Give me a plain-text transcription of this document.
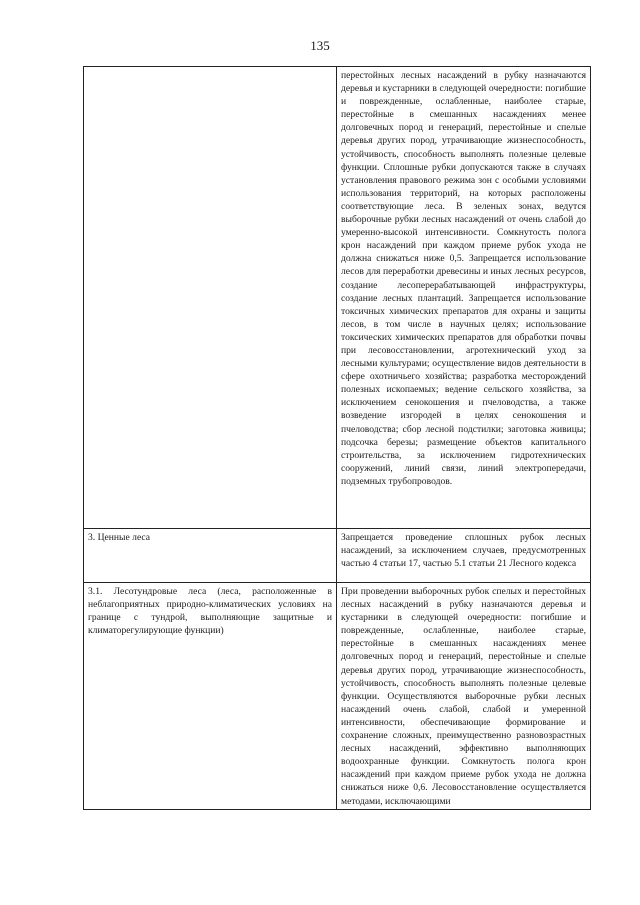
135
	перестойных лесных насаждений в рубку назначаются деревья и кустарники в следующей очередности: погибшие и поврежденные, ослабленные, наиболее старые, перестойные в смешанных насаждениях менее долговечных пород и генераций, перестойные и спелые деревья других пород, утрачивающие жизнеспособность, устойчивость, способность выполнять полезные целевые функции. Сплошные рубки допускаются также в случаях установления правового режима зон с особыми условиями использования территорий, на которых расположены соответствующие леса. В зеленых зонах, ведутся выборочные рубки лесных насаждений от очень слабой до умеренно-высокой интенсивности. Сомкнутость полога крон насаждений при каждом приеме рубок ухода не должна снижаться ниже 0,5. Запрещается использование лесов для переработки древесины и иных лесных ресурсов, создание лесоперерабатывающей инфраструктуры, создание лесных плантаций. Запрещается использование токсичных химических препаратов для охраны и защиты лесов, в том числе в научных целях; использование токсических химических препаратов для обработки почвы при лесовосстановлении, агротехнический уход за лесными культурами; осуществление видов деятельности в сфере охотничьего хозяйства; разработка месторождений полезных ископаемых; ведение сельского хозяйства, за исключением сенокошения и пчеловодства, а также возведение изгородей в целях сенокошения и пчеловодства; сбор лесной подстилки; заготовка живицы; подсочка березы; размещение объектов капитального строительства, за исключением гидротехнических сооружений, линий связи, линий электропередачи, подземных трубопроводов.
3. Ценные леса	Запрещается проведение сплошных рубок лесных насаждений, за исключением случаев, предусмотренных частью 4 статьи 17, частью 5.1 статьи 21 Лесного кодекса
3.1. Лесотундровые леса (леса, расположенные в неблагоприятных природно-климатических условиях на границе с тундрой, выполняющие защитные и климаторегулирующие функции)	При проведении выборочных рубок спелых и перестойных лесных насаждений в рубку назначаются деревья и кустарники в следующей очередности: погибшие и поврежденные, ослабленные, наиболее старые, перестойные в смешанных насаждениях менее долговечных пород и генераций, перестойные и спелые деревья других пород, утрачивающие жизнеспособность, устойчивость, способность выполнять полезные целевые функции. Осуществляются выборочные рубки лесных насаждений очень слабой, слабой и умеренной интенсивности, обеспечивающие формирование и сохранение сложных, преимущественно разновозрастных лесных насаждений, эффективно выполняющих водоохранные функции. Сомкнутость полога крон насаждений при каждом приеме рубок ухода не должна снижаться ниже 0,6. Лесовосстановление осуществляется методами, исключающими
